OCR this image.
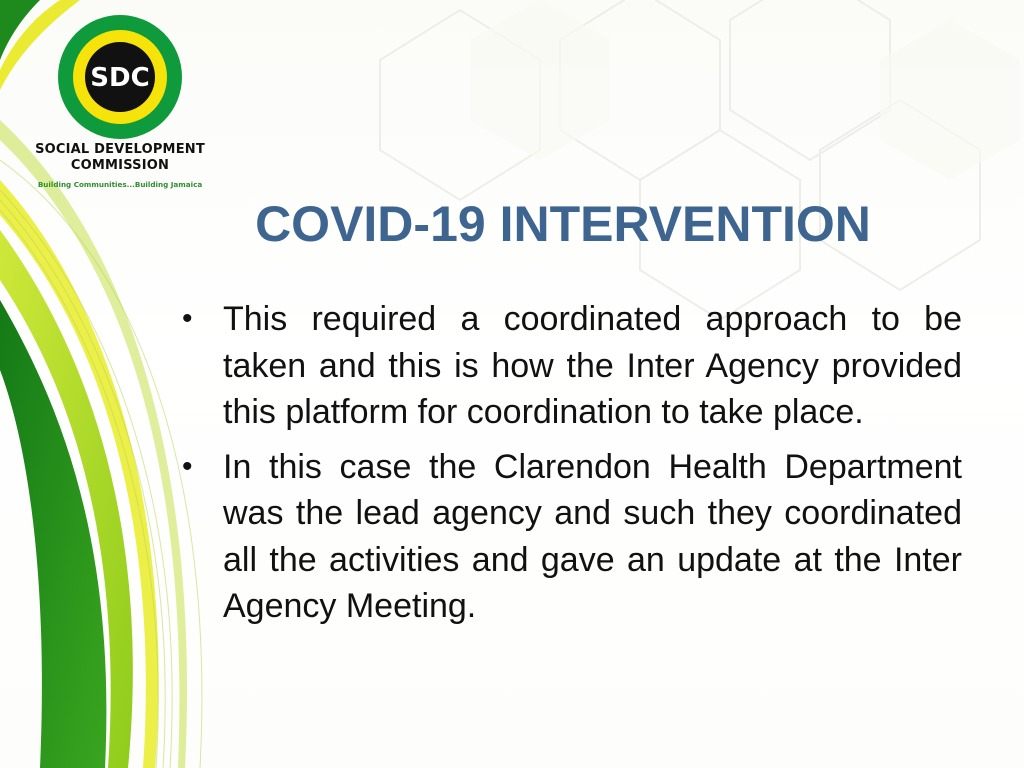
SDC
SOCIAL DEVELOPMENT
COMMISSION
Building Communities...Building Jamaica
COVID-19 INTERVENTION
• This required a coordinated approach to be taken and this is how the Inter Agency provided this platform for coordination to take place.
• In this case the Clarendon Health Department was the lead agency and such they coordinated all the activities and gave an update at the Inter Agency Meeting.
